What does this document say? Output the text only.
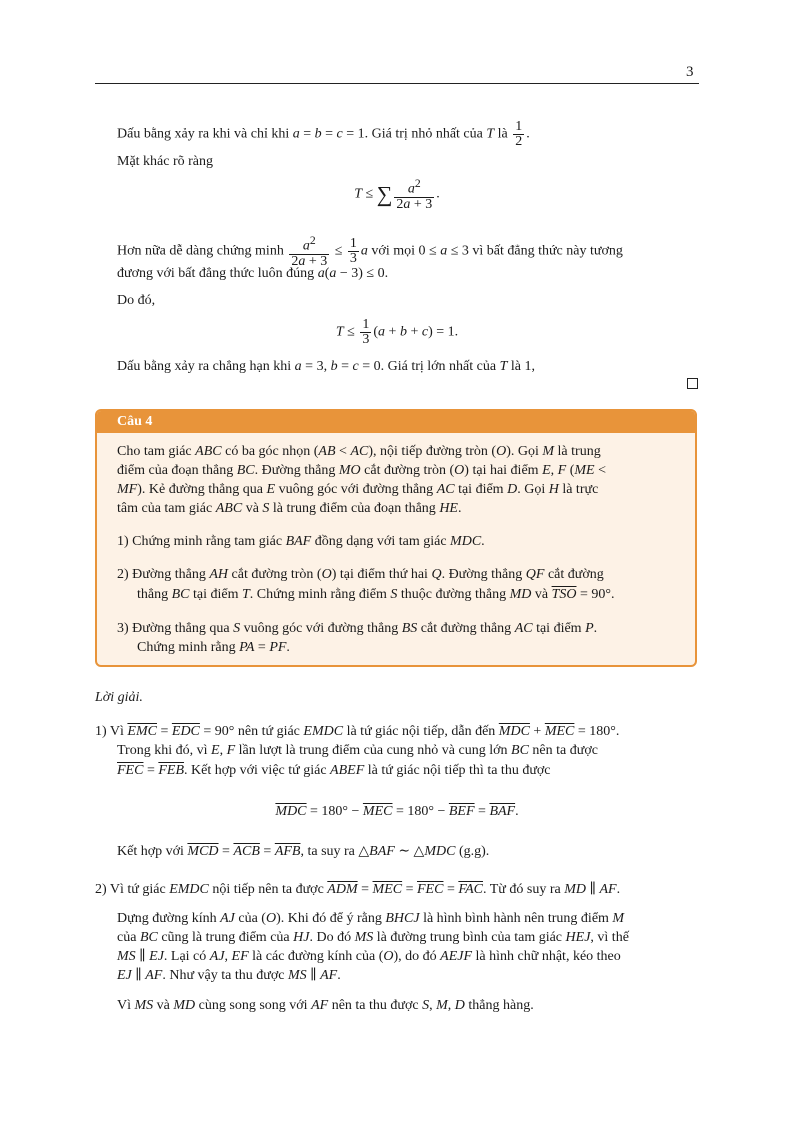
3
Dấu bằng xảy ra khi và chỉ khi a = b = c = 1. Giá trị nhỏ nhất của T là $\frac{1}{2}$ .
Mặt khác rõ ràng
T ≤ ∑ $\frac{a^2}{2a + 3}$ .
Hơn nữa dễ dàng chứng minh $\frac{a^2}{2a + 3} \le \frac{1}{3}$ a với mọi 0 ≤ a ≤ 3 vì bất đẳng thức này tương
đương với bất đẳng thức luôn đúng a(a − 3) ≤ 0.
Do đó,
$T \le \frac{1}{3} (a + b + c) = 1$.
Dấu bằng xảy ra chẳng hạn khi a = 3, b = c = 0. Giá trị lớn nhất của T là 1,
Câu 4
Cho tam giác ABC có ba góc nhọn (AB < AC), nội tiếp đường tròn (O). Gọi M là trung
điểm của đoạn thẳng BC. Đường thẳng MO cắt đường tròn (O) tại hai điểm E, F (ME <
MF). Kẻ đường thẳng qua E vuông góc với đường thẳng AC tại điểm D. Gọi H là trực
tâm của tam giác ABC và S là trung điểm của đoạn thẳng HE.
1) Chứng minh rằng tam giác BAF đồng dạng với tam giác MDC.
2) Đường thẳng AH cắt đường tròn (O) tại điểm thứ hai Q. Đường thẳng QF cắt đường
thẳng BC tại điểm T. Chứng minh rằng điểm S thuộc đường thẳng MD và $\overline{TSO} = 90^\circ$.
3) Đường thẳng qua S vuông góc với đường thẳng BS cắt đường thẳng AC tại điểm P.
Chứng minh rằng PA = PF.
Lời giải.
1) Vì $\overline{EMC} = \overline{EDC} = 90^\circ$ nên tứ giác EMDC là tứ giác nội tiếp, dẫn đến $\overline{MDC} + \overline{MEC} = 180^\circ$.
Trong khi đó, vì E, F lần lượt là trung điểm của cung nhỏ và cung lớn BC nên ta được
$\overline{FEC} = \overline{FEB}$. Kết hợp với việc tứ giác ABEF là tứ giác nội tiếp thì ta thu được
$\overline{MDC} = 180^\circ - \overline{MEC} = 180^\circ - \overline{BEF} = \overline{BAF}$.
Kết hợp với $\overline{MCD} = \overline{ACB} = \overline{AFB}$, ta suy ra △BAF ∼ △MDC (g.g).
2) Vì tứ giác EMDC nội tiếp nên ta được $\overline{ADM} = \overline{MEC} = \overline{FEC} = \overline{FAC}$. Từ đó suy ra MD ∥ AF.
Dựng đường kính AJ của (O). Khi đó để ý rằng BHCJ là hình bình hành nên trung điểm M
của BC cũng là trung điểm của HJ. Do đó MS là đường trung bình của tam giác HEJ, vì thế
MS ∥ EJ. Lại có AJ, EF là các đường kính của (O), do đó AEJF là hình chữ nhật, kéo theo
EJ ∥ AF. Như vậy ta thu được MS ∥ AF.
Vì MS và MD cùng song song với AF nên ta thu được S, M, D thẳng hàng.
